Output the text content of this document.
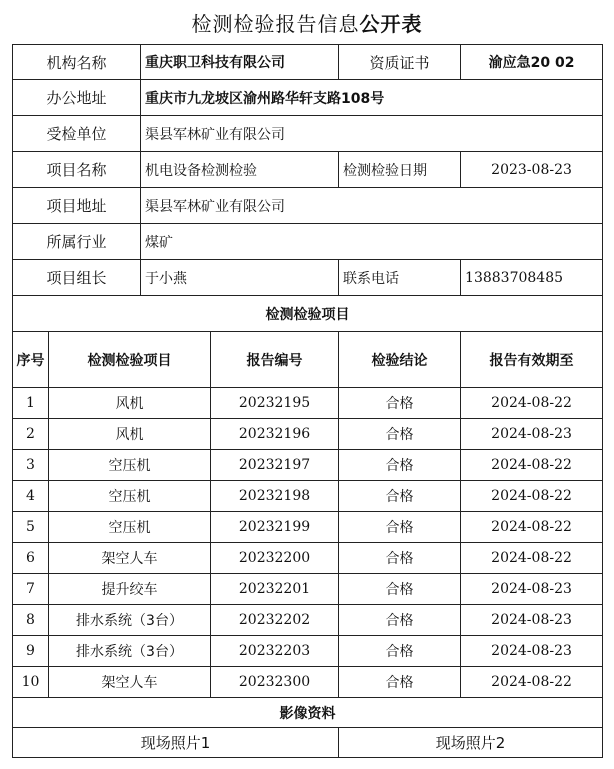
检测检验报告信息公开表
机构名称		重庆职卫科技有限公司		资质证书	渝应急20 02
办公地址		重庆市九龙坡区渝州路华轩支路108号			
受检单位		渠县军林矿业有限公司			
项目名称		机电设备检测检验		检测检验日期	2023-08-23
项目地址		渠县军林矿业有限公司			
所属行业		煤矿			
项目组长		于小燕		联系电话	13883708485
检测检验项目					
序号	检测检验项目		报告编号	检验结论	报告有效期至
1	风机		20232195	合格	2024-08-22
2	风机		20232196	合格	2024-08-23
3	空压机		20232197	合格	2024-08-22
4	空压机		20232198	合格	2024-08-22
5	空压机		20232199	合格	2024-08-22
6	架空人车		20232200	合格	2024-08-22
7	提升绞车		20232201	合格	2024-08-23
8	排水系统（3台）		20232202	合格	2024-08-23
9	排水系统（3台）		20232203	合格	2024-08-23
10	架空人车		20232300	合格	2024-08-22
影像资料					
现场照片1				现场照片2	
